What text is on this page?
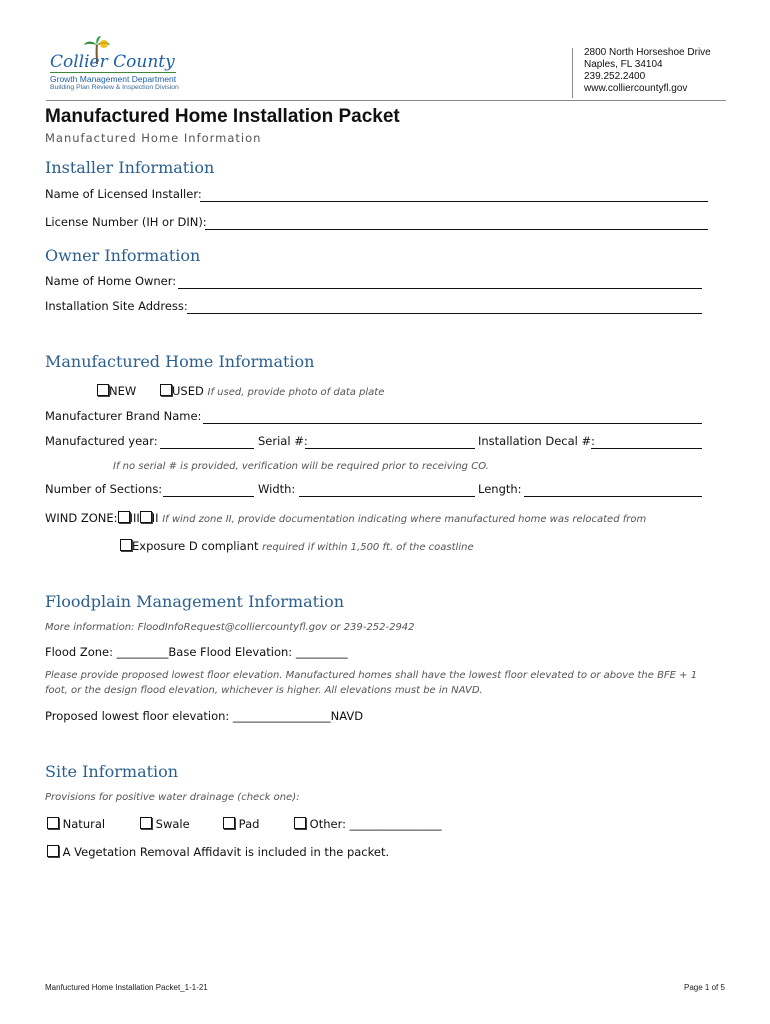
Collier County
Growth Management Department
Building Plan Review & Inspection Division
2800 North Horseshoe Drive
Naples, FL 34104
239.252.2400
www.colliercountyfl.gov
Manufactured Home Installation Packet
Manufactured Home Information
Installer Information
Name of Licensed Installer:
License Number (IH or DIN):
Owner Information
Name of Home Owner:
Installation Site Address:
Manufactured Home Information
NEW	USED If used, provide photo of data plate
Manufacturer Brand Name:
Manufactured year:	Serial #:	Installation Decal #:
If no serial # is provided, verification will be required prior to receiving CO.
Number of Sections:	Width:	Length:
WIND ZONE: III II If wind zone II, provide documentation indicating where manufactured home was relocated from
Exposure D compliant required if within 1,500 ft. of the coastline
Floodplain Management Information
More information: FloodInfoRequest@colliercountyfl.gov or 239-252-2942
Flood Zone: _________Base Flood Elevation: _________
Please provide proposed lowest floor elevation. Manufactured homes shall have the lowest floor elevated to or above the BFE + 1
foot, or the design flood elevation, whichever is higher. All elevations must be in NAVD.
Proposed lowest floor elevation: _________________NAVD
Site Information
Provisions for positive water drainage (check one):
Natural	Swale	Pad	Other: ________________
A Vegetation Removal Affidavit is included in the packet.
Manfuctured Home Installation Packet_1-1-21	Page 1 of 5
